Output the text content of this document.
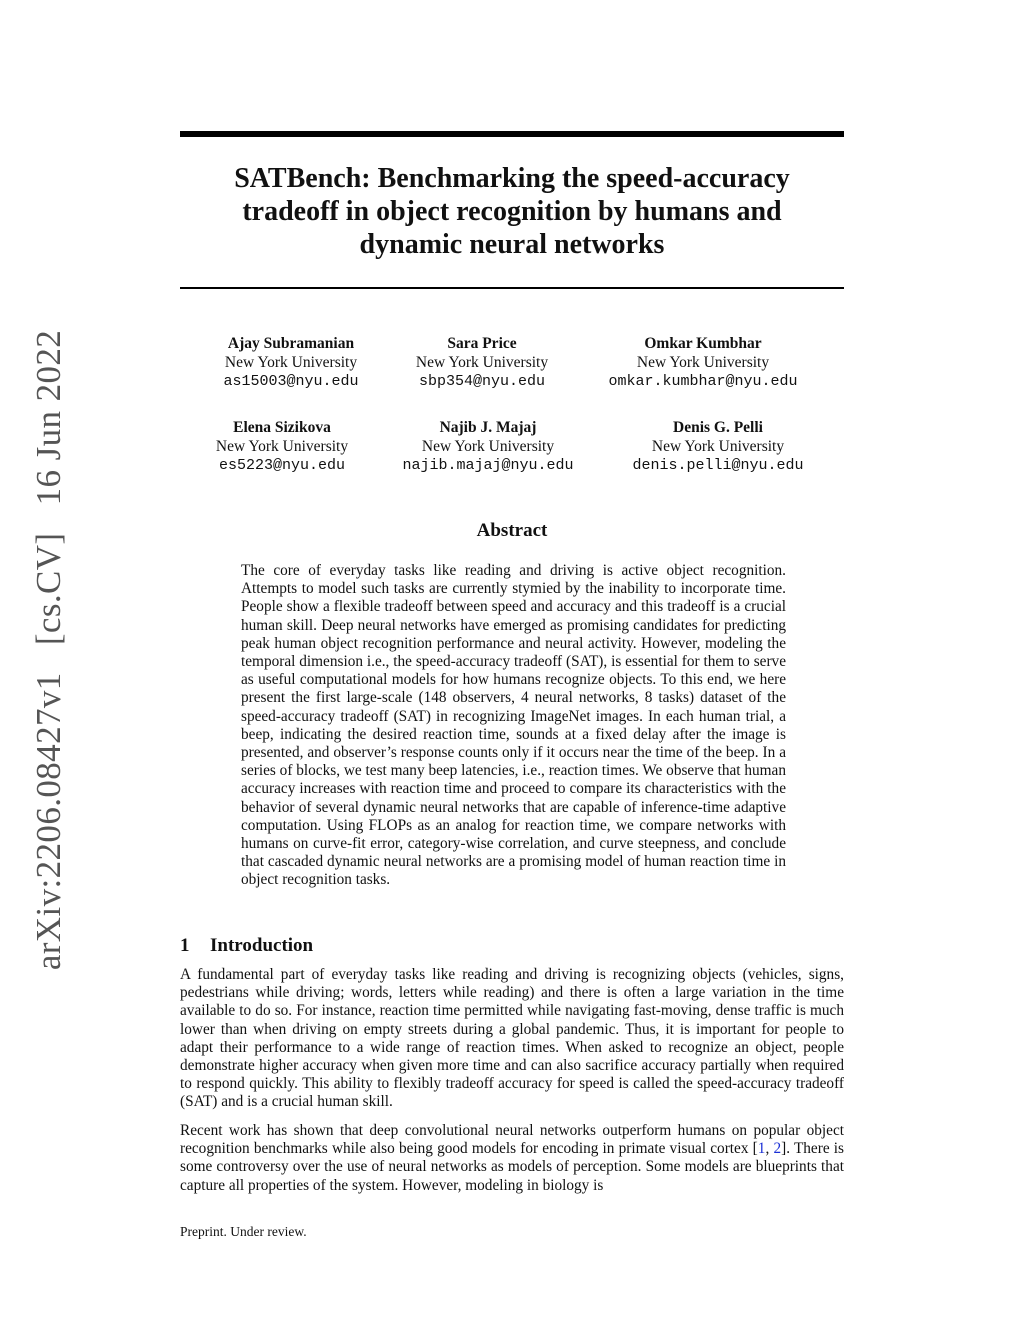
arXiv:2206.08427v1 [cs.CV] 16 Jun 2022
SATBench: Benchmarking the speed-accuracy
tradeoff in object recognition by humans and
dynamic neural networks
Ajay Subramanian
New York University
as15003@nyu.edu
Sara Price
New York University
sbp354@nyu.edu
Omkar Kumbhar
New York University
omkar.kumbhar@nyu.edu
Elena Sizikova
New York University
es5223@nyu.edu
Najib J. Majaj
New York University
najib.majaj@nyu.edu
Denis G. Pelli
New York University
denis.pelli@nyu.edu
Abstract

The core of everyday tasks like reading and driving is active object recognition. Attempts to model such tasks are currently stymied by the inability to incorporate time. People show a flexible tradeoff between speed and accuracy and this tradeoff is a crucial human skill. Deep neural networks have emerged as promising candidates for predicting peak human object recognition performance and neural activity. However, modeling the temporal dimension i.e., the speed-accuracy tradeoff (SAT), is essential for them to serve as useful computational models for how humans recognize objects. To this end, we here present the first large-scale (148 observers, 4 neural networks, 8 tasks) dataset of the speed-accuracy tradeoff (SAT) in recognizing ImageNet images. In each human trial, a beep, indicating the desired reaction time, sounds at a fixed delay after the image is presented, and observer’s response counts only if it occurs near the time of the beep. In a series of blocks, we test many beep latencies, i.e., reaction times. We observe that human accuracy increases with reaction time and proceed to compare its characteristics with the behavior of several dynamic neural networks that are capable of inference-time adaptive computation. Using FLOPs as an analog for reaction time, we compare networks with humans on curve-fit error, category-wise correlation, and curve steepness, and conclude that cascaded dynamic neural networks are a promising model of human reaction time in object recognition tasks.

1 Introduction

A fundamental part of everyday tasks like reading and driving is recognizing objects (vehicles, signs, pedestrians while driving; words, letters while reading) and there is often a large variation in the time available to do so. For instance, reaction time permitted while navigating fast-moving, dense traffic is much lower than when driving on empty streets during a global pandemic. Thus, it is important for people to adapt their performance to a wide range of reaction times. When asked to recognize an object, people demonstrate higher accuracy when given more time and can also sacrifice accuracy partially when required to respond quickly. This ability to flexibly tradeoff accuracy for speed is called the speed-accuracy tradeoff (SAT) and is a crucial human skill.

Recent work has shown that deep convolutional neural networks outperform humans on popular object recognition benchmarks while also being good models for encoding in primate visual cortex [1, 2]. There is some controversy over the use of neural networks as models of perception. Some models are blueprints that capture all properties of the system. However, modeling in biology is

Preprint. Under review.
